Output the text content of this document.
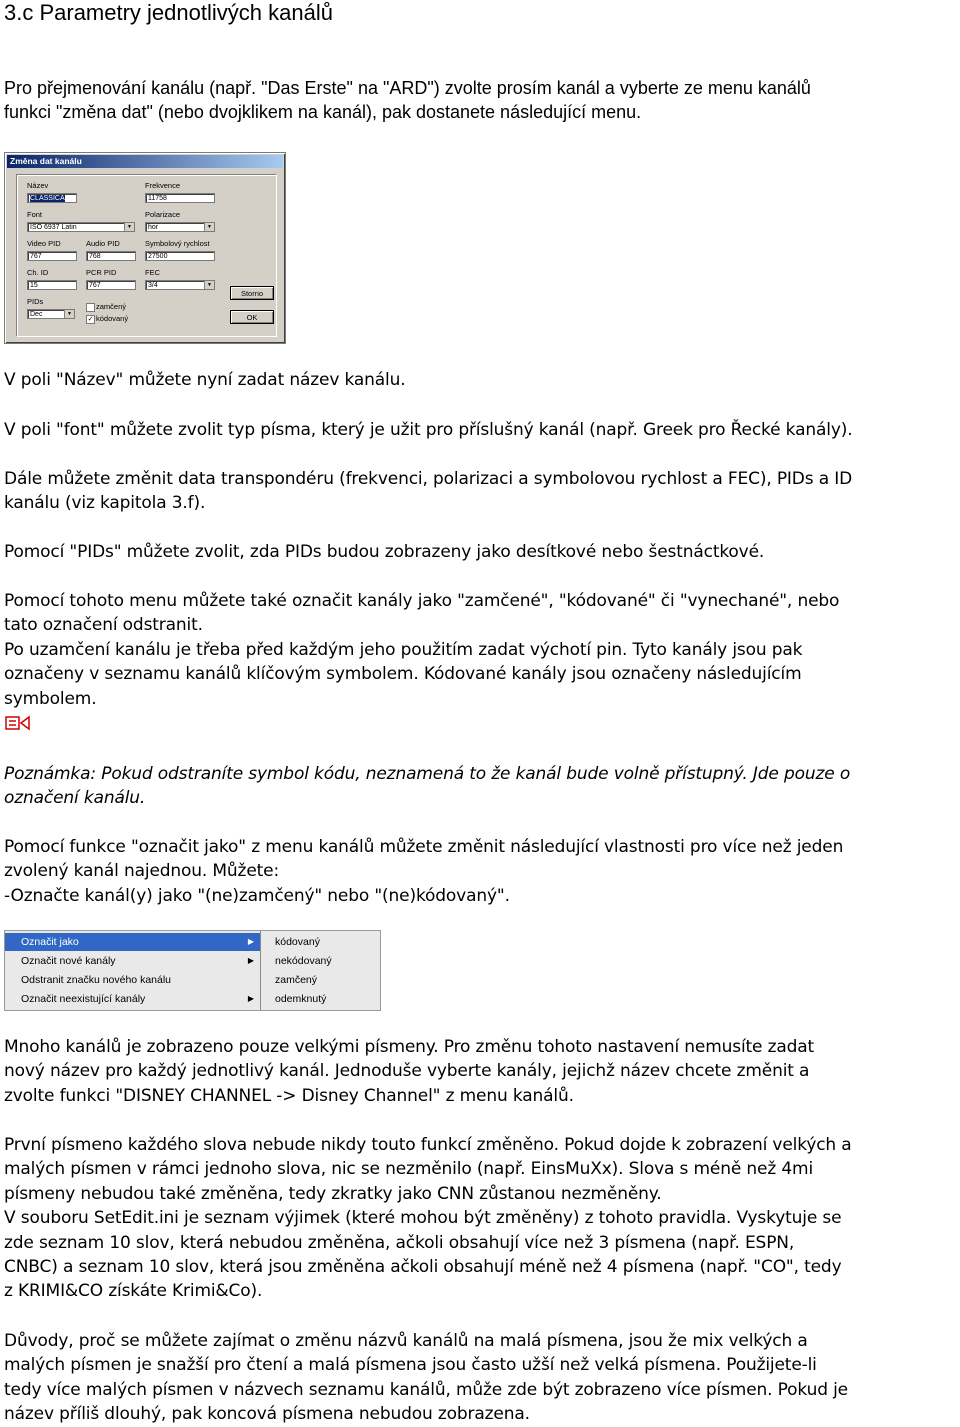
3.c Parametry jednotlivých kanálů
Pro přejmenování kanálu (např. "Das Erste" na "ARD") zvolte prosím kanál a vyberte ze menu kanálů
funkci "změna dat" (nebo dvojklikem na kanál), pak dostanete následující menu.
Změna dat kanálu
Název
CLASSICA
Frekvence
11758
Font
ISO 6937 Latin	▼
Polarizace
hor	▼
Video PID
767
Audio PID
768
Symbolový rychlost
27500
Ch. ID
15
PCR PID
767
FEC
3/4	▼
PIDs
Dec	▼
zamčený
✓ kódovaný
Storno
OK
V poli "Název" můžete nyní zadat název kanálu.
V poli "font" můžete zvolit typ písma, který je užit pro příslušný kanál (např. Greek pro Řecké kanály).
Dále můžete změnit data transpondéru (frekvenci, polarizaci a symbolovou rychlost a FEC), PIDs a ID
kanálu (viz kapitola 3.f).
Pomocí "PIDs" můžete zvolit, zda PIDs budou zobrazeny jako desítkové nebo šestnáctkové.
Pomocí tohoto menu můžete také označit kanály jako "zamčené", "kódované" či "vynechané", nebo
tato označení odstranit.
Po uzamčení kanálu je třeba před každým jeho použitím zadat výchotí pin. Tyto kanály jsou pak
označeny v seznamu kanálů klíčovým symbolem. Kódované kanály jsou označeny následujícím
symbolem.
Poznámka: Pokud odstraníte symbol kódu, neznamená to že kanál bude volně přístupný. Jde pouze o
označení kanálu.
Pomocí funkce "označit jako" z menu kanálů můžete změnit následující vlastnosti pro více než jeden
zvolený kanál najednou. Můžete:
-Označte kanál(y) jako "(ne)zamčený" nebo "(ne)kódovaný".
Označit jako	▶
Označit nové kanály	▶
Odstranit značku nového kanálu
Označit neexistující kanály	▶
kódovaný
nekódovaný
zamčený
odemknutý
Mnoho kanálů je zobrazeno pouze velkými písmeny. Pro změnu tohoto nastavení nemusíte zadat
nový název pro každý jednotlivý kanál. Jednoduše vyberte kanály, jejichž název chcete změnit a
zvolte funkci "DISNEY CHANNEL -> Disney Channel" z menu kanálů.
První písmeno každého slova nebude nikdy touto funkcí změněno. Pokud dojde k zobrazení velkých a
malých písmen v rámci jednoho slova, nic se nezměnilo (např. EinsMuXx). Slova s méně než 4mi
písmeny nebudou také změněna, tedy zkratky jako CNN zůstanou nezměněny.
V souboru SetEdit.ini je seznam výjimek (které mohou být změněny) z tohoto pravidla. Vyskytuje se
zde seznam 10 slov, která nebudou změněna, ačkoli obsahují více než 3 písmena (např. ESPN,
CNBC) a seznam 10 slov, která jsou změněna ačkoli obsahují méně než 4 písmena (např. "CO", tedy
z KRIMI&CO získáte Krimi&Co).
Důvody, proč se můžete zajímat o změnu názvů kanálů na malá písmena, jsou že mix velkých a
malých písmen je snažší pro čtení a malá písmena jsou často užší než velká písmena. Použijete-li
tedy více malých písmen v názvech seznamu kanálů, může zde být zobrazeno více písmen. Pokud je
název příliš dlouhý, pak koncová písmena nebudou zobrazena.
